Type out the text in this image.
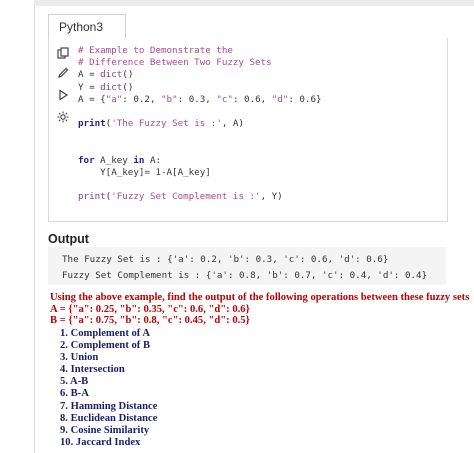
Python3
# Example to Demonstrate the
# Difference Between Two Fuzzy Sets
A = dict()
Y = dict()
A = {"a": 0.2, "b": 0.3, "c": 0.6, "d": 0.6}
print('The Fuzzy Set is :', A)
for A_key in A:
Y[A_key]= 1-A[A_key]
print('Fuzzy Set Complement is :', Y)
Output
The Fuzzy Set is : {'a': 0.2, 'b': 0.3, 'c': 0.6, 'd': 0.6}
Fuzzy Set Complement is : {'a': 0.8, 'b': 0.7, 'c': 0.4, 'd': 0.4}
Using the above example, find the output of the following operations between these fuzzy sets
A = {"a": 0.25, "b": 0.35, "c": 0.6, "d": 0.6}
B = {"a": 0.75, "b": 0.8, "c": 0.45, "d": 0.5}
1. Complement of A
2. Complement of B
3. Union
4. Intersection
5. A-B
6. B-A
7. Hamming Distance
8. Euclidean Distance
9. Cosine Similarity
10. Jaccard Index
